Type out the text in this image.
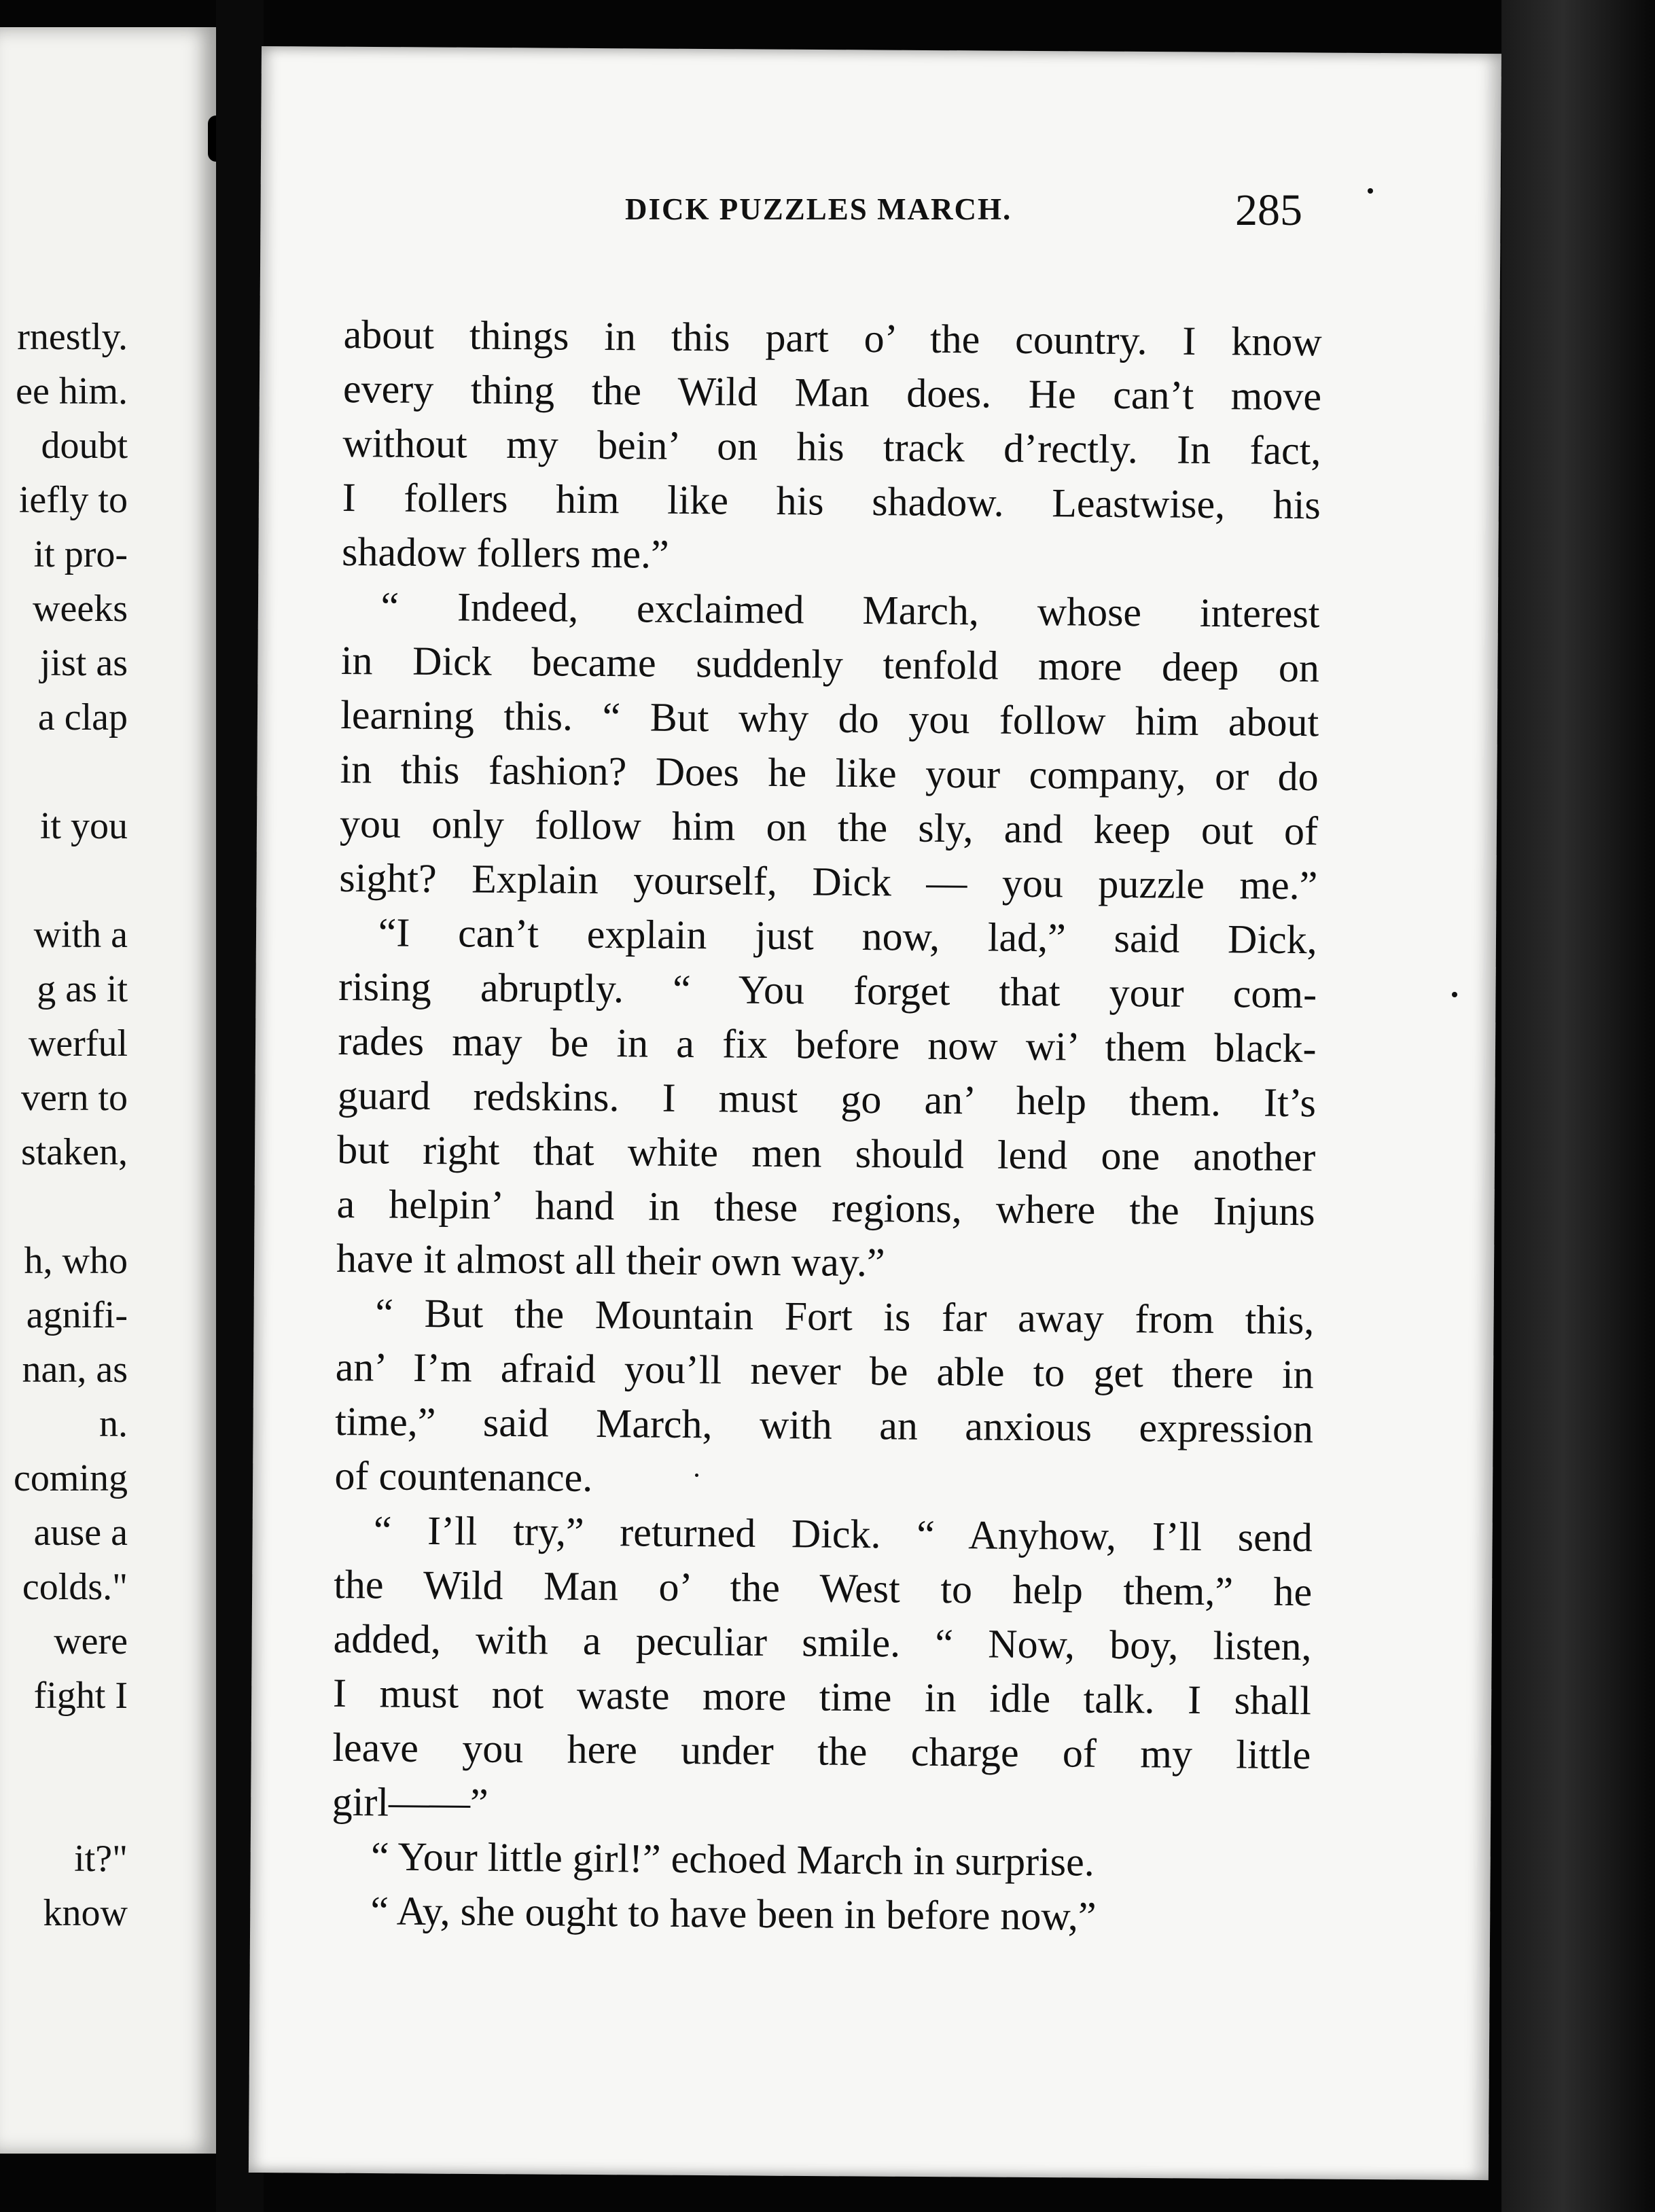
rnestly.
ee him.
doubt
iefly to
it pro-
weeks
jist as
a clap
it you
with a
g as it
werful
vern to
staken,
h, who
agnifi-
nan, as
n.
coming
ause a
colds."
were
fight I
it?"
know
DICK PUZZLES MARCH.	285
about things in this part o’ the country. I know
every thing the Wild Man does. He can’t move
without my bein’ on his track d’rectly. In fact,
I follers him like his shadow. Leastwise, his
shadow follers me.”
“ Indeed, exclaimed March, whose interest
in Dick became suddenly tenfold more deep on
learning this. “ But why do you follow him about
in this fashion? Does he like your company, or do
you only follow him on the sly, and keep out of
sight? Explain yourself, Dick — you puzzle me.”
“I can’t explain just now, lad,” said Dick,
rising abruptly. “ You forget that your com-
rades may be in a fix before now wi’ them black-
guard redskins. I must go an’ help them. It’s
but right that white men should lend one another
a helpin’ hand in these regions, where the Injuns
have it almost all their own way.”
“ But the Mountain Fort is far away from this,
an’ I’m afraid you’ll never be able to get there in
time,” said March, with an anxious expression
of countenance.
“ I’ll try,” returned Dick. “ Anyhow, I’ll send
the Wild Man o’ the West to help them,” he
added, with a peculiar smile. “ Now, boy, listen,
I must not waste more time in idle talk. I shall
leave you here under the charge of my little
girl——”
“ Your little girl!” echoed March in surprise.
“ Ay, she ought to have been in before now,”
